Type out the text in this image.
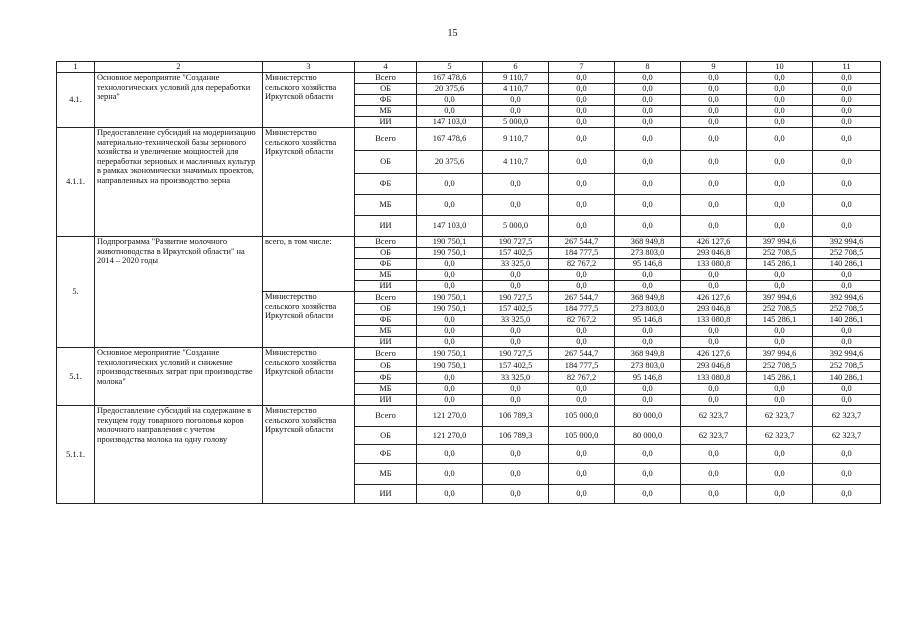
15
1	2	3	4	5	6	7	8	9	10	11
4.1.	Основное мероприятие "Создание технологических условий для переработки зерна"	Министерство сельского хозяйства Иркутской области	Всего	167 478,6	9 110,7	0,0	0,0	0,0	0,0	0,0
			ОБ	20 375,6	4 110,7	0,0	0,0	0,0	0,0	0,0
			ФБ	0,0	0,0	0,0	0,0	0,0	0,0	0,0
			МБ	0,0	0,0	0,0	0,0	0,0	0,0	0,0
			ИИ	147 103,0	5 000,0	0,0	0,0	0,0	0,0	0,0
4.1.1.	Предоставление субсидий на модернизацию материально-технической базы зернового хозяйства и увеличение мощностей для переработки зерновых и масличных культур в рамках экономически значимых проектов, направленных на производство зерна	Министерство сельского хозяйства Иркутской области	Всего	167 478,6	9 110,7	0,0	0,0	0,0	0,0	0,0
			ОБ	20 375,6	4 110,7	0,0	0,0	0,0	0,0	0,0
			ФБ	0,0	0,0	0,0	0,0	0,0	0,0	0,0
			МБ	0,0	0,0	0,0	0,0	0,0	0,0	0,0
			ИИ	147 103,0	5 000,0	0,0	0,0	0,0	0,0	0,0
5.	Подпрограмма "Развитие молочного животноводства в Иркутской области" на 2014 – 2020 годы	всего, в том числе:	Всего	190 750,1	190 727,5	267 544,7	368 949,8	426 127,6	397 994,6	392 994,6
			ОБ	190 750,1	157 402,5	184 777,5	273 803,0	293 046,8	252 708,5	252 708,5
			ФБ	0,0	33 325,0	82 767,2	95 146,8	133 080,8	145 286,1	140 286,1
			МБ	0,0	0,0	0,0	0,0	0,0	0,0	0,0
			ИИ	0,0	0,0	0,0	0,0	0,0	0,0	0,0
		Министерство сельского хозяйства Иркутской области	Всего	190 750,1	190 727,5	267 544,7	368 949,8	426 127,6	397 994,6	392 994,6
			ОБ	190 750,1	157 402,5	184 777,5	273 803,0	293 046,8	252 708,5	252 708,5
			ФБ	0,0	33 325,0	82 767,2	95 146,8	133 080,8	145 286,1	140 286,1
			МБ	0,0	0,0	0,0	0,0	0,0	0,0	0,0
			ИИ	0,0	0,0	0,0	0,0	0,0	0,0	0,0
5.1.	Основное мероприятие "Создание технологических условий и снижение производственных затрат при производстве молока"	Министерство сельского хозяйства Иркутской области	Всего	190 750,1	190 727,5	267 544,7	368 949,8	426 127,6	397 994,6	392 994,6
			ОБ	190 750,1	157 402,5	184 777,5	273 803,0	293 046,8	252 708,5	252 708,5
			ФБ	0,0	33 325,0	82 767,2	95 146,8	133 080,8	145 286,1	140 286,1
			МБ	0,0	0,0	0,0	0,0	0,0	0,0	0,0
			ИИ	0,0	0,0	0,0	0,0	0,0	0,0	0,0
5.1.1.	Предоставление субсидий на содержание в текущем году товарного поголовья коров молочного направления с учетом производства молока на одну голову	Министерство сельского хозяйства Иркутской области	Всего	121 270,0	106 789,3	105 000,0	80 000,0	62 323,7	62 323,7	62 323,7
			ОБ	121 270,0	106 789,3	105 000,0	80 000,0	62 323,7	62 323,7	62 323,7
			ФБ	0,0	0,0	0,0	0,0	0,0	0,0	0,0
			МБ	0,0	0,0	0,0	0,0	0,0	0,0	0,0
			ИИ	0,0	0,0	0,0	0,0	0,0	0,0	0,0
